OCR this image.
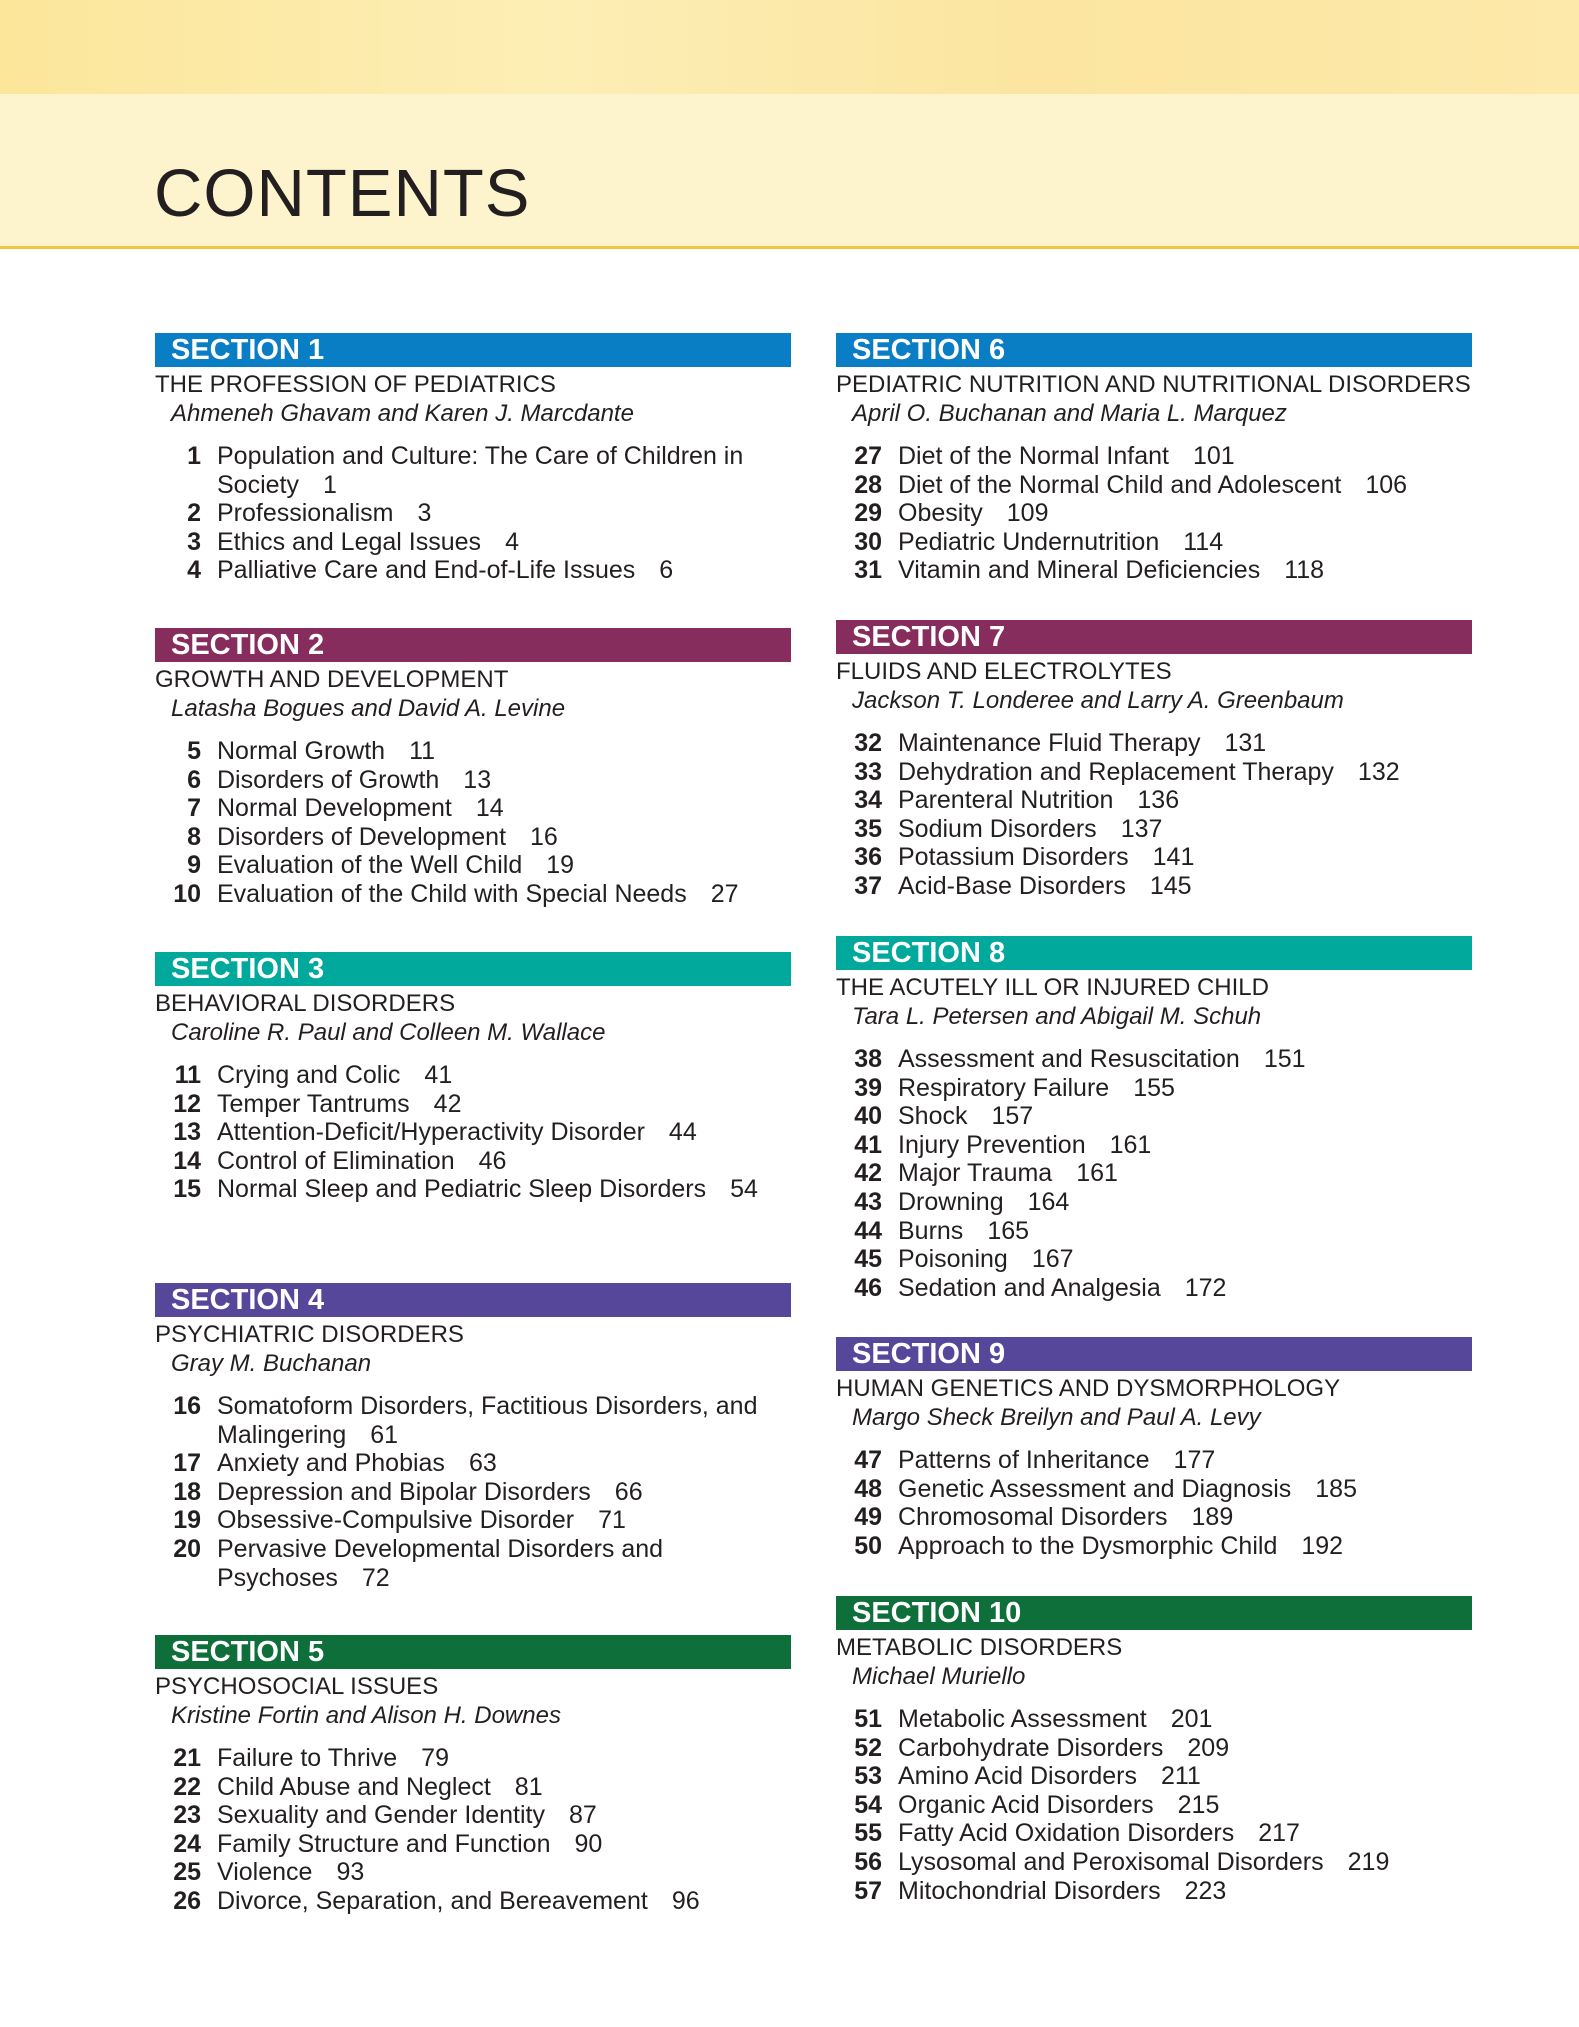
CONTENTS
SECTION 1
THE PROFESSION OF PEDIATRICS
Ahmeneh Ghavam and Karen J. Marcdante
1 Population and Culture: The Care of Children in Society 1
2 Professionalism 3
3 Ethics and Legal Issues 4
4 Palliative Care and End-of-Life Issues 6
SECTION 2
GROWTH AND DEVELOPMENT
Latasha Bogues and David A. Levine
5 Normal Growth 11
6 Disorders of Growth 13
7 Normal Development 14
8 Disorders of Development 16
9 Evaluation of the Well Child 19
10 Evaluation of the Child with Special Needs 27
SECTION 3
BEHAVIORAL DISORDERS
Caroline R. Paul and Colleen M. Wallace
11 Crying and Colic 41
12 Temper Tantrums 42
13 Attention-Deficit/Hyperactivity Disorder 44
14 Control of Elimination 46
15 Normal Sleep and Pediatric Sleep Disorders 54
SECTION 4
PSYCHIATRIC DISORDERS
Gray M. Buchanan
16 Somatoform Disorders, Factitious Disorders, and Malingering 61
17 Anxiety and Phobias 63
18 Depression and Bipolar Disorders 66
19 Obsessive-Compulsive Disorder 71
20 Pervasive Developmental Disorders and Psychoses 72
SECTION 5
PSYCHOSOCIAL ISSUES
Kristine Fortin and Alison H. Downes
21 Failure to Thrive 79
22 Child Abuse and Neglect 81
23 Sexuality and Gender Identity 87
24 Family Structure and Function 90
25 Violence 93
26 Divorce, Separation, and Bereavement 96
SECTION 6
PEDIATRIC NUTRITION AND NUTRITIONAL DISORDERS
April O. Buchanan and Maria L. Marquez
27 Diet of the Normal Infant 101
28 Diet of the Normal Child and Adolescent 106
29 Obesity 109
30 Pediatric Undernutrition 114
31 Vitamin and Mineral Deficiencies 118
SECTION 7
FLUIDS AND ELECTROLYTES
Jackson T. Londeree and Larry A. Greenbaum
32 Maintenance Fluid Therapy 131
33 Dehydration and Replacement Therapy 132
34 Parenteral Nutrition 136
35 Sodium Disorders 137
36 Potassium Disorders 141
37 Acid-Base Disorders 145
SECTION 8
THE ACUTELY ILL OR INJURED CHILD
Tara L. Petersen and Abigail M. Schuh
38 Assessment and Resuscitation 151
39 Respiratory Failure 155
40 Shock 157
41 Injury Prevention 161
42 Major Trauma 161
43 Drowning 164
44 Burns 165
45 Poisoning 167
46 Sedation and Analgesia 172
SECTION 9
HUMAN GENETICS AND DYSMORPHOLOGY
Margo Sheck Breilyn and Paul A. Levy
47 Patterns of Inheritance 177
48 Genetic Assessment and Diagnosis 185
49 Chromosomal Disorders 189
50 Approach to the Dysmorphic Child 192
SECTION 10
METABOLIC DISORDERS
Michael Muriello
51 Metabolic Assessment 201
52 Carbohydrate Disorders 209
53 Amino Acid Disorders 211
54 Organic Acid Disorders 215
55 Fatty Acid Oxidation Disorders 217
56 Lysosomal and Peroxisomal Disorders 219
57 Mitochondrial Disorders 223
